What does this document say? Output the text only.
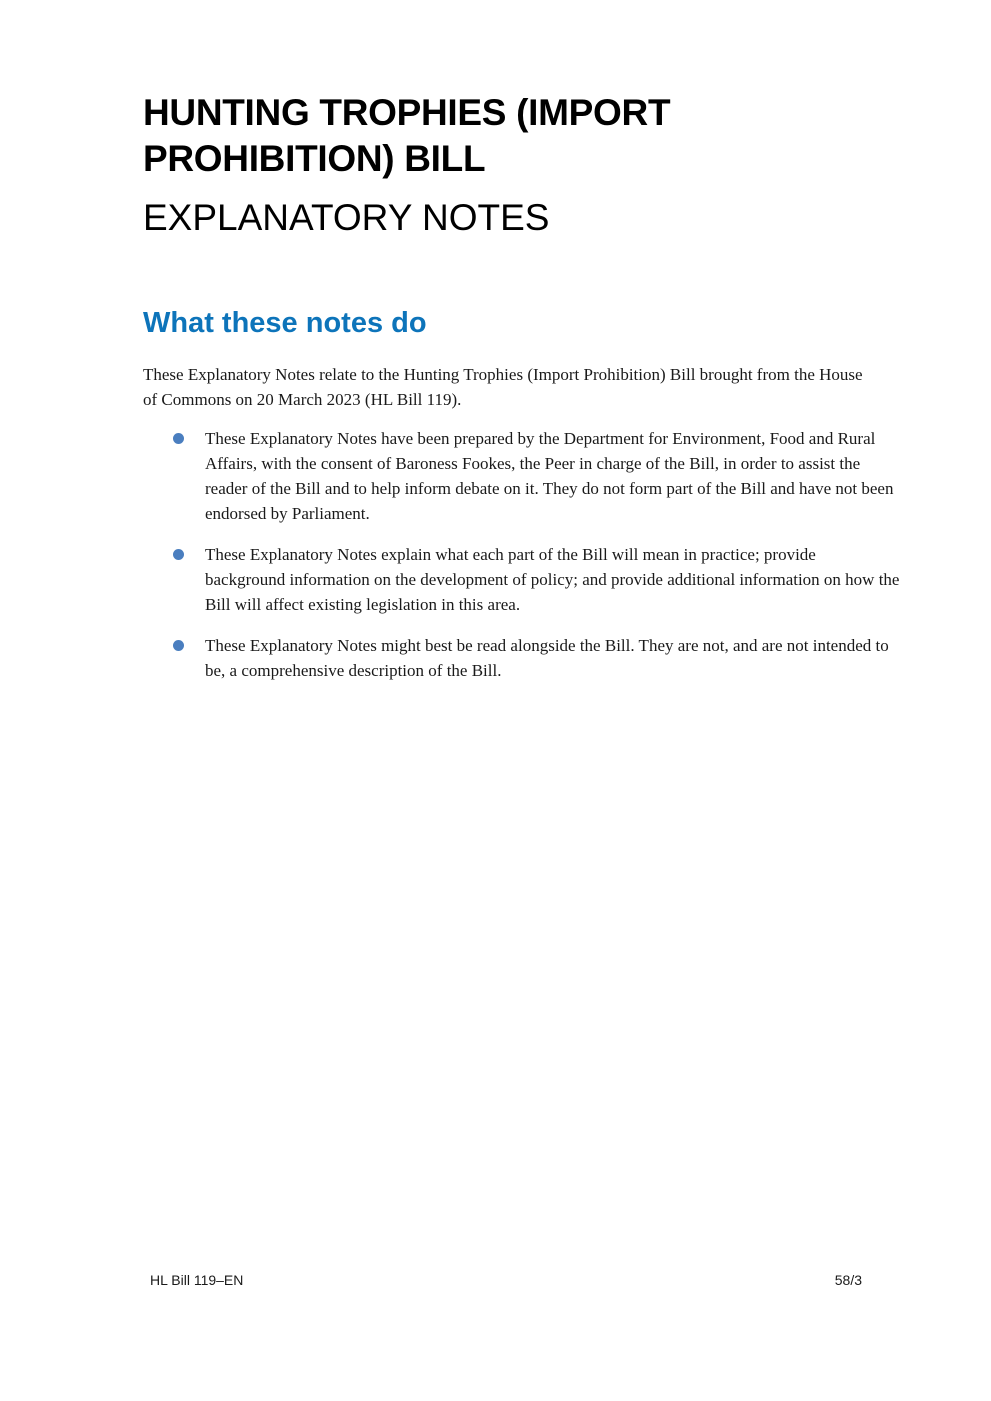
HUNTING TROPHIES (IMPORT PROHIBITION) BILL
EXPLANATORY NOTES
What these notes do

These Explanatory Notes relate to the Hunting Trophies (Import Prohibition) Bill brought from the House of Commons on 20 March 2023 (HL Bill 119).

These Explanatory Notes have been prepared by the Department for Environment, Food and Rural Affairs, with the consent of Baroness Fookes, the Peer in charge of the Bill, in order to assist the reader of the Bill and to help inform debate on it. They do not form part of the Bill and have not been endorsed by Parliament.
These Explanatory Notes explain what each part of the Bill will mean in practice; provide background information on the development of policy; and provide additional information on how the Bill will affect existing legislation in this area.
These Explanatory Notes might best be read alongside the Bill. They are not, and are not intended to be, a comprehensive description of the Bill.
HL Bill 119–EN	58/3
